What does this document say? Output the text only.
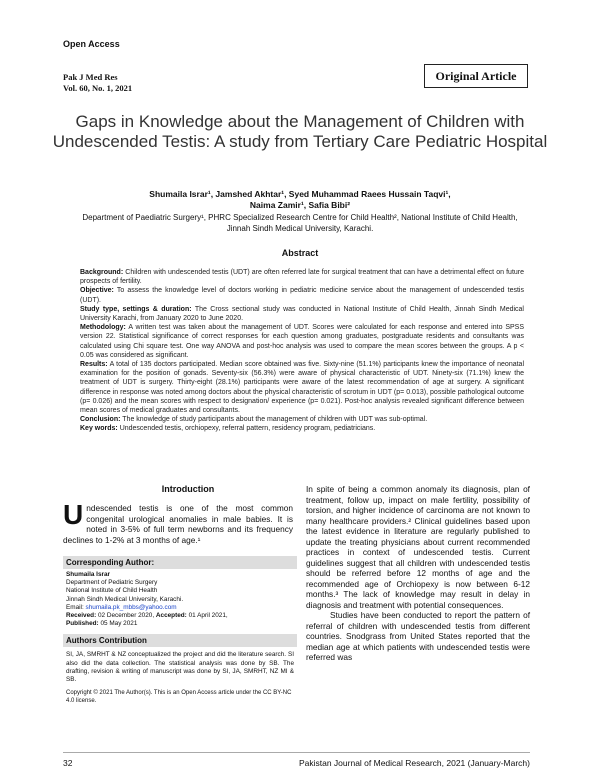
Open Access
Pak J Med Res
Vol. 60, No. 1, 2021
Original Article
Gaps in Knowledge about the Management of Children with Undescended Testis: A study from Tertiary Care Pediatric Hospital
Shumaila Israr¹, Jamshed Akhtar¹, Syed Muhammad Raees Hussain Taqvi¹,
Naima Zamir¹, Safia Bibi²
Department of Paediatric Surgery¹, PHRC Specialized Research Centre for Child Health², National Institute of Child Health, Jinnah Sindh Medical University, Karachi.
Abstract

Background: Children with undescended testis (UDT) are often referred late for surgical treatment that can have a detrimental effect on future prospects of fertility.

Objective: To assess the knowledge level of doctors working in pediatric medicine service about the management of undescended testis (UDT).

Study type, settings & duration: The Cross sectional study was conducted in National Institute of Child Health, Jinnah Sindh Medical University Karachi, from January 2020 to June 2020.

Methodology: A written test was taken about the management of UDT. Scores were calculated for each response and entered into SPSS version 22. Statistical significance of correct responses for each question among graduates, postgraduate residents and consultants was calculated using Chi square test. One way ANOVA and post-hoc analysis was used to compare the mean scores between the groups. A p < 0.05 was considered as significant.

Results: A total of 135 doctors participated. Median score obtained was five. Sixty-nine (51.1%) participants knew the importance of neonatal examination for the position of gonads. Seventy-six (56.3%) were aware of physical characteristic of UDT. Ninety-six (71.1%) knew the treatment of UDT is surgery. Thirty-eight (28.1%) participants were aware of the latest recommendation of age at surgery. A significant difference in response was noted among doctors about the physical characteristic of scrotum in UDT (p= 0.013), possible pathological outcome (p= 0.026) and the mean scores with respect to designation/ experience (p= 0.021). Post-hoc analysis revealed significant difference between mean scores of medical graduates and consultants.

Conclusion: The knowledge of study participants about the management of children with UDT was sub-optimal.

Key words: Undescended testis, orchiopexy, referral pattern, residency program, pediatricians.

Introduction
Undescended testis is one of the most common congenital urological anomalies in male babies. It is noted in 3-5% of full term newborns and its frequency declines to 1-2% at 3 months of age.¹
Corresponding Author:
Shumaila Israr
Department of Pediatric Surgery
National Institute of Child Health
Jinnah Sindh Medical University, Karachi.
Email: shumaila.pk_mbbs@yahoo.com
Received: 02 December 2020, Accepted: 01 April 2021,
Published: 05 May 2021
Authors Contribution
SI, JA, SMRHT & NZ conceptualized the project and did the literature search. SI also did the data collection. The statistical analysis was done by SB. The drafting, revision & writing of manuscript was done by SI, JA, SMRHT, NZ MI & SB.
Copyright © 2021 The Author(s). This is an Open Access article under the CC BY-NC 4.0 license.

In spite of being a common anomaly its diagnosis, plan of treatment, follow up, impact on male fertility, possibility of torsion, and higher incidence of carcinoma are not known to many healthcare providers.² Clinical guidelines based upon the latest evidence in literature are regularly published to update the treating physicians about current recommended practices in context of undescended testis. Current guidelines suggest that all children with undescended testis should be referred before 12 months of age and the recommended age of Orchiopexy is now between 6-12 months.³ The lack of knowledge may result in delay in diagnosis and treatment with potential consequences.

Studies have been conducted to report the pattern of referral of children with undescended testis from different countries. Snodgrass from United States reported that the median age at which patients with undescended testis were referred was

32	Pakistan Journal of Medical Research, 2021 (January-March)
